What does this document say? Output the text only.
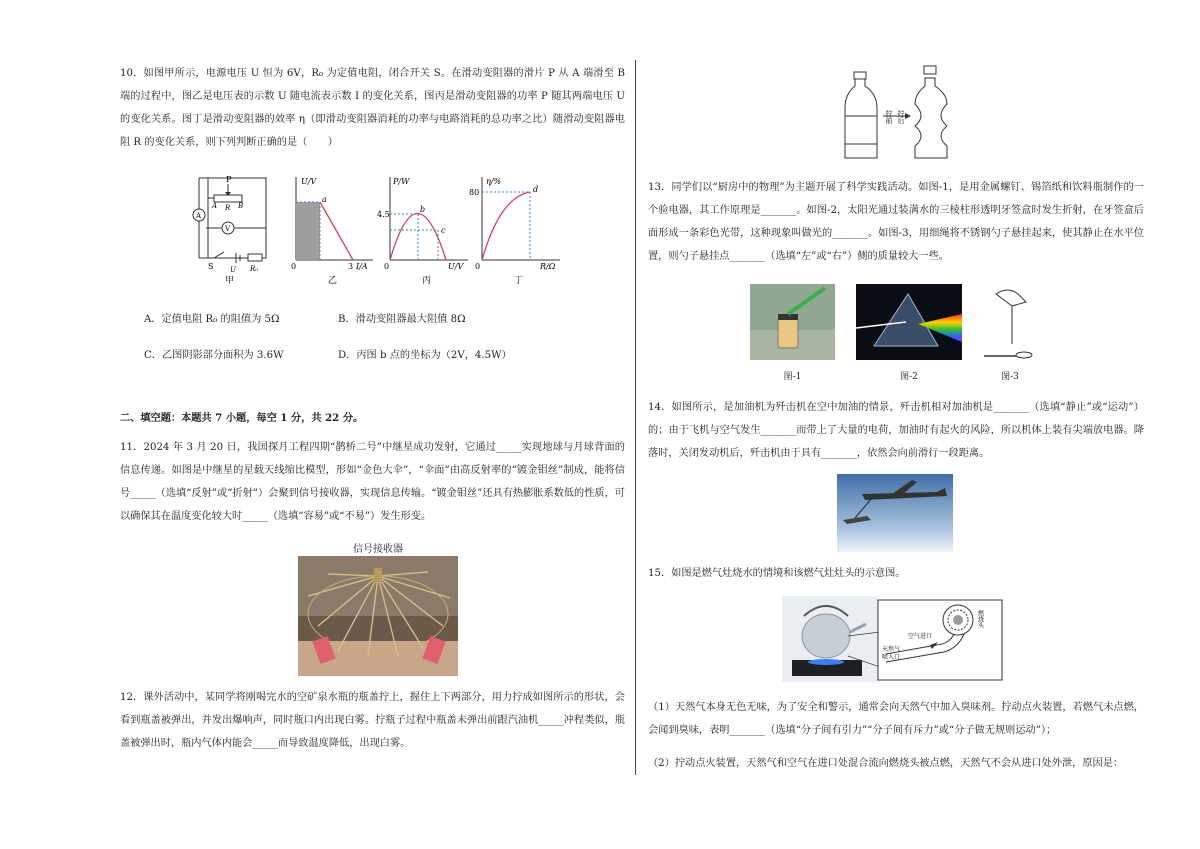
10．如图甲所示，电源电压 U 恒为 6V，R₀ 为定值电阻，闭合开关 S。在滑动变阻器的滑片 P 从 A 端滑至 B 端的过程中，图乙是电压表的示数 U 随电流表示数 I 的变化关系，图丙是滑动变阻器的功率 P 随其两端电压 U 的变化关系。图丁是滑动变阻器的效率 η（即滑动变阻器消耗的功率与电路消耗的总功率之比）随滑动变阻器电阻 R 的变化关系，则下列判断正确的是（　　）

P
A R B
A
V
S U R₀
甲
U/V
I/A
0	3
a
乙
P/W
U/V
0
4.5
b
c
丙
η/%
R/Ω
0
80	d
丁
A．定值电阻 R₀ 的阻值为 5Ω	B．滑动变阻器最大阻值 8Ω
C．乙图阴影部分面积为 3.6W	D．丙图 b 点的坐标为（2V，4.5W）
二、填空题：本题共 7 小题，每空 1 分，共 22 分。

11．2024 年 3 月 20 日，我国探月工程四期“鹊桥二号”中继星成功发射，它通过_____实现地球与月球背面的信息传递。如图是中继星的星载天线缩比模型，形如“金色大伞”，“伞面”由高反射率的“镀金钼丝”制成，能将信号_____（选填“反射”或“折射”）会聚到信号接收器，实现信息传输。“镀金钼丝”还具有热膨胀系数低的性质，可以确保其在温度变化较大时_____（选填“容易”或“不易”）发生形变。

信号接收器

12．课外活动中，某同学将刚喝完水的空矿泉水瓶的瓶盖拧上，握住上下两部分，用力拧成如图所示的形状，会看到瓶盖被弹出，并发出爆响声，同时瓶口内出现白雾。拧瓶子过程中瓶盖未弹出前跟汽油机_____冲程类似，瓶盖被弹出时，瓶内气体内能会_____而导致温度降低，出现白雾。

拧前 拧后

13．同学们以“厨房中的物理”为主题开展了科学实践活动。如图-1，是用金属螺钉、锡箔纸和饮料瓶制作的一个验电器，其工作原理是_______。如图-2，太阳光通过装满水的三棱柱形透明牙签盒时发生折射，在牙签盒后面形成一条彩色光带，这种现象叫做光的_______。如图-3，用细绳将不锈钢勺子悬挂起来，使其静止在水平位置，则勺子悬挂点_______（选填“左”或“右”）侧的质量较大一些。

图-1	图-2	图-3

14．如图所示，是加油机为歼击机在空中加油的情景，歼击机相对加油机是_______（选填“静止”或“运动”）的；由于飞机与空气发生_______而带上了大量的电荷，加油时有起火的风险，所以机体上装有尖端放电器。降落时，关闭发动机后，歼击机由于具有_______，依然会向前滑行一段距离。

15．如图是燃气灶烧水的情境和该燃气灶灶头的示意图。

空气进口
天然气
喷入口
燃烧头

（1）天然气本身无色无味，为了安全和警示，通常会向天然气中加入臭味剂。拧动点火装置，若燃气未点燃，会闻到臭味，表明_______（选填“分子间有引力”“分子间有斥力”或“分子做无规则运动”）；

（2）拧动点火装置，天然气和空气在进口处混合流向燃烧头被点燃，天然气不会从进口处外泄，原因是：
